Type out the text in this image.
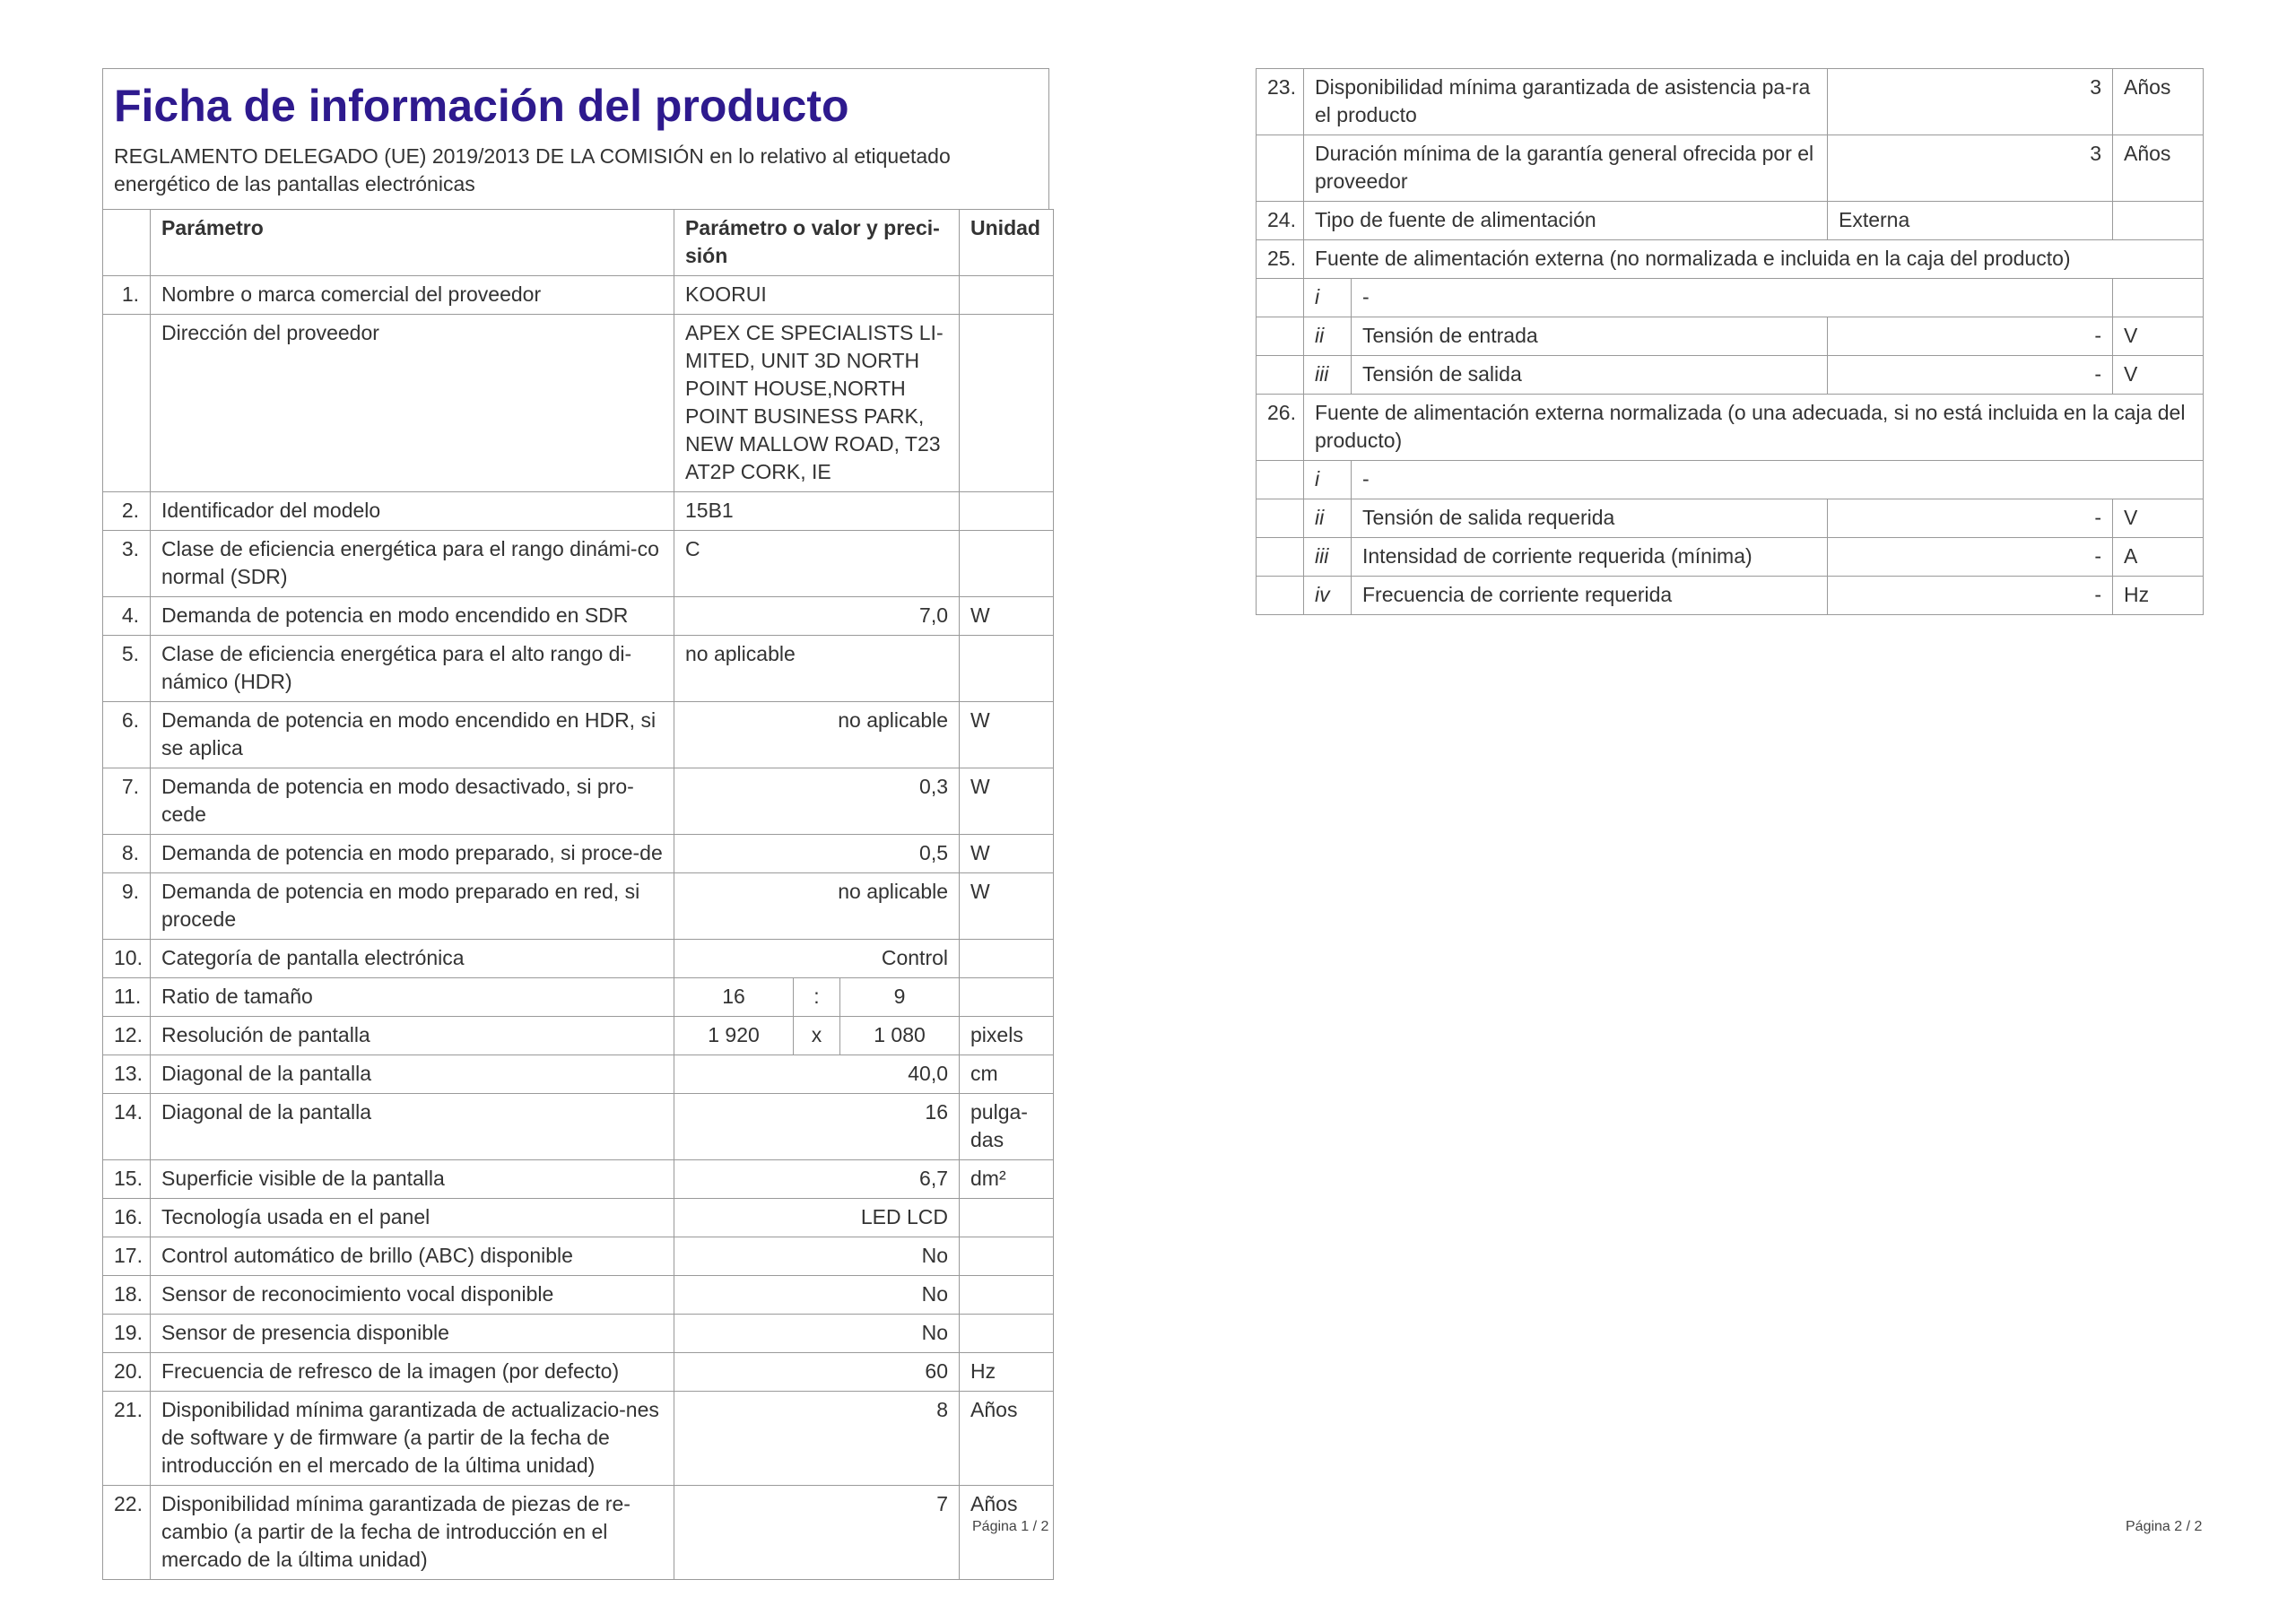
Ficha de información del producto
REGLAMENTO DELEGADO (UE) 2019/2013 DE LA COMISIÓN en lo relativo al etiquetado energético de las pantallas electrónicas
	Parámetro	Parámetro o valor y preci-sión			Unidad
1.	Nombre o marca comercial del proveedor	KOORUI			
	Dirección del proveedor	APEX CE SPECIALISTS LI-MITED, UNIT 3D NORTH POINT HOUSE,NORTH POINT BUSINESS PARK, NEW MALLOW ROAD, T23 AT2P CORK, IE			
2.	Identificador del modelo	15B1			
3.	Clase de eficiencia energética para el rango dinámi-co normal (SDR)	C			
4.	Demanda de potencia en modo encendido en SDR	7,0			W
5.	Clase de eficiencia energética para el alto rango di-námico (HDR)	no aplicable			
6.	Demanda de potencia en modo encendido en HDR, si se aplica	no aplicable			W
7.	Demanda de potencia en modo desactivado, si pro-cede	0,3			W
8.	Demanda de potencia en modo preparado, si proce-de	0,5			W
9.	Demanda de potencia en modo preparado en red, si procede	no aplicable			W
10.	Categoría de pantalla electrónica	Control			
11.	Ratio de tamaño	16	:	9	
12.	Resolución de pantalla	1 920	x	1 080	pixels
13.	Diagonal de la pantalla	40,0			cm
14.	Diagonal de la pantalla	16			pulga-das
15.	Superficie visible de la pantalla	6,7			dm²
16.	Tecnología usada en el panel	LED LCD			
17.	Control automático de brillo (ABC) disponible	No			
18.	Sensor de reconocimiento vocal disponible	No			
19.	Sensor de presencia disponible	No			
20.	Frecuencia de refresco de la imagen (por defecto)	60			Hz
21.	Disponibilidad mínima garantizada de actualizacio-nes de software y de firmware (a partir de la fecha de introducción en el mercado de la última unidad)	8			Años
22.	Disponibilidad mínima garantizada de piezas de re-cambio (a partir de la fecha de introducción en el mercado de la última unidad)	7			Años
Página 1 / 2
23.	Disponibilidad mínima garantizada de asistencia pa-ra el producto		3	Años
	Duración mínima de la garantía general ofrecida por el proveedor		3	Años
24.	Tipo de fuente de alimentación		Externa	
25.	Fuente de alimentación externa (no normalizada e incluida en la caja del producto)			
	i	-		
	ii	Tensión de entrada	-	V
	iii	Tensión de salida	-	V
26.	Fuente de alimentación externa normalizada (o una adecuada, si no está incluida en la caja del producto)			
	i	-		
	ii	Tensión de salida requerida	-	V
	iii	Intensidad de corriente requerida (mínima)	-	A
	iv	Frecuencia de corriente requerida	-	Hz
Página 2 / 2
